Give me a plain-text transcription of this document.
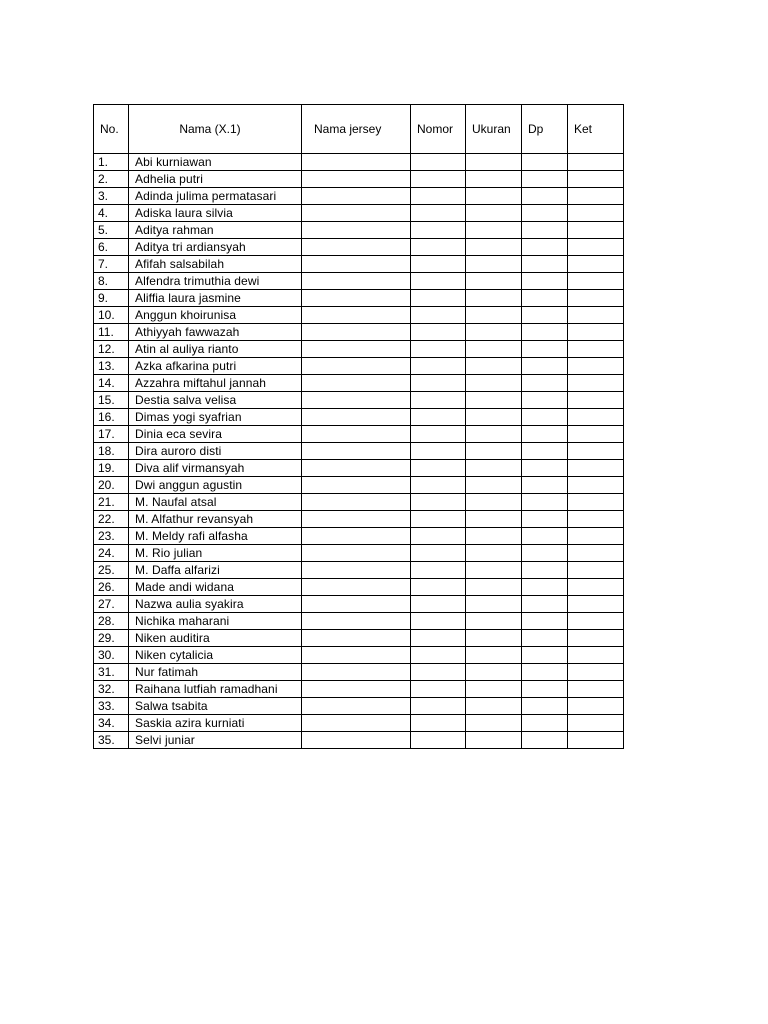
No.	Nama (X.1)	Nama jersey	Nomor	Ukuran	Dp	Ket
1.	Abi kurniawan					
2.	Adhelia putri					
3.	Adinda julima permatasari					
4.	Adiska laura silvia					
5.	Aditya rahman					
6.	Aditya tri ardiansyah					
7.	Afifah salsabilah					
8.	Alfendra trimuthia dewi					
9.	Aliffia laura jasmine					
10.	Anggun khoirunisa					
11.	Athiyyah fawwazah					
12.	Atin al auliya rianto					
13.	Azka afkarina putri					
14.	Azzahra miftahul jannah					
15.	Destia salva velisa					
16.	Dimas yogi syafrian					
17.	Dinia eca sevira					
18.	Dira auroro disti					
19.	Diva alif virmansyah					
20.	Dwi anggun agustin					
21.	M. Naufal atsal					
22.	M. Alfathur revansyah					
23.	M. Meldy rafi alfasha					
24.	M. Rio julian					
25.	M. Daffa alfarizi					
26.	Made andi widana					
27.	Nazwa aulia syakira					
28.	Nichika maharani					
29.	Niken auditira					
30.	Niken cytalicia					
31.	Nur fatimah					
32.	Raihana lutfiah ramadhani					
33.	Salwa tsabita					
34.	Saskia azira kurniati					
35.	Selvi juniar					
